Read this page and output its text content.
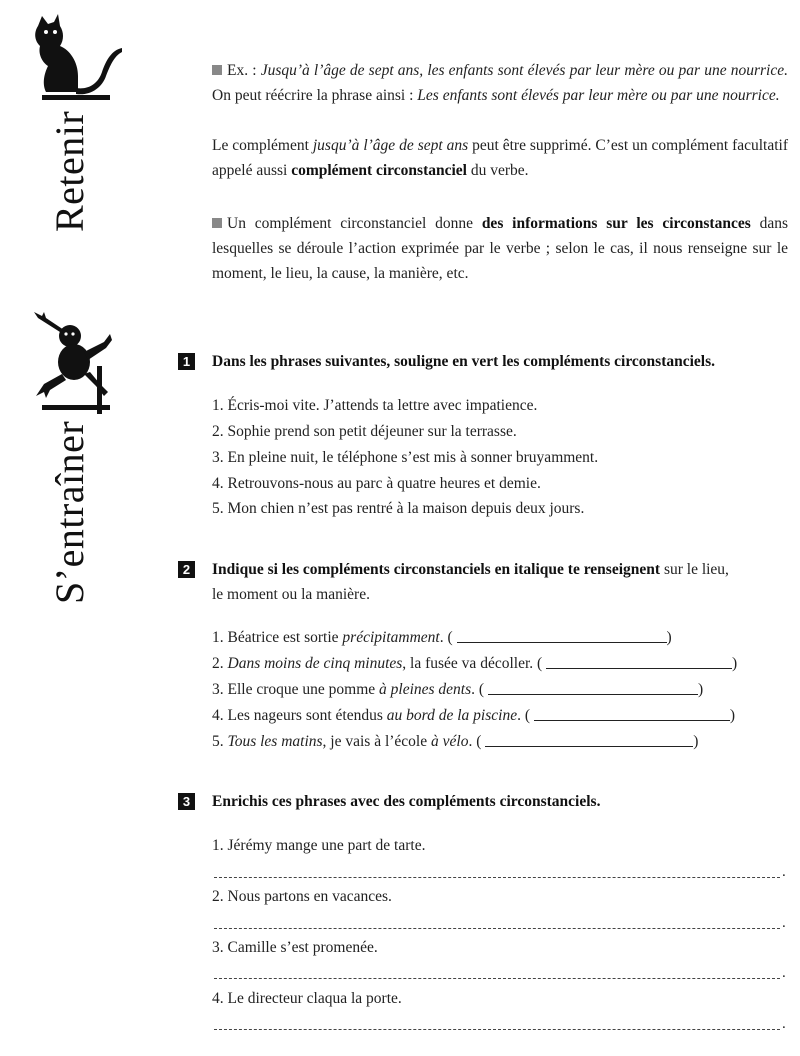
Retenir
S’entraîner
Ex. : Jusqu’à l’âge de sept ans, les enfants sont élevés par leur mère ou par une nourrice. On peut réécrire la phrase ainsi : Les enfants sont élevés par leur mère ou par une nourrice.
Le complément jusqu’à l’âge de sept ans peut être supprimé. C’est un complément facultatif appelé aussi complément circonstanciel du verbe.
Un complément circonstanciel donne des informations sur les circonstances dans lesquelles se déroule l’action exprimée par le verbe ; selon le cas, il nous renseigne sur le moment, le lieu, la cause, la manière, etc.
1	Dans les phrases suivantes, souligne en vert les compléments circonstanciels.
1. Écris-moi vite. J’attends ta lettre avec impatience.
2. Sophie prend son petit déjeuner sur la terrasse.
3. En pleine nuit, le téléphone s’est mis à sonner bruyamment.
4. Retrouvons-nous au parc à quatre heures et demie.
5. Mon chien n’est pas rentré à la maison depuis deux jours.
2	Indique si les compléments circonstanciels en italique te renseignent sur le lieu,
le moment ou la manière.
1. Béatrice est sortie précipitamment. (	)
2. Dans moins de cinq minutes, la fusée va décoller. (	)
3. Elle croque une pomme à pleines dents. (	)
4. Les nageurs sont étendus au bord de la piscine. (	)
5. Tous les matins, je vais à l’école à vélo. (	)
3	Enrichis ces phrases avec des compléments circonstanciels.
1. Jérémy mange une part de tarte.
.
2. Nous partons en vacances.
.
3. Camille s’est promenée.
.
4. Le directeur claqua la porte.
.
